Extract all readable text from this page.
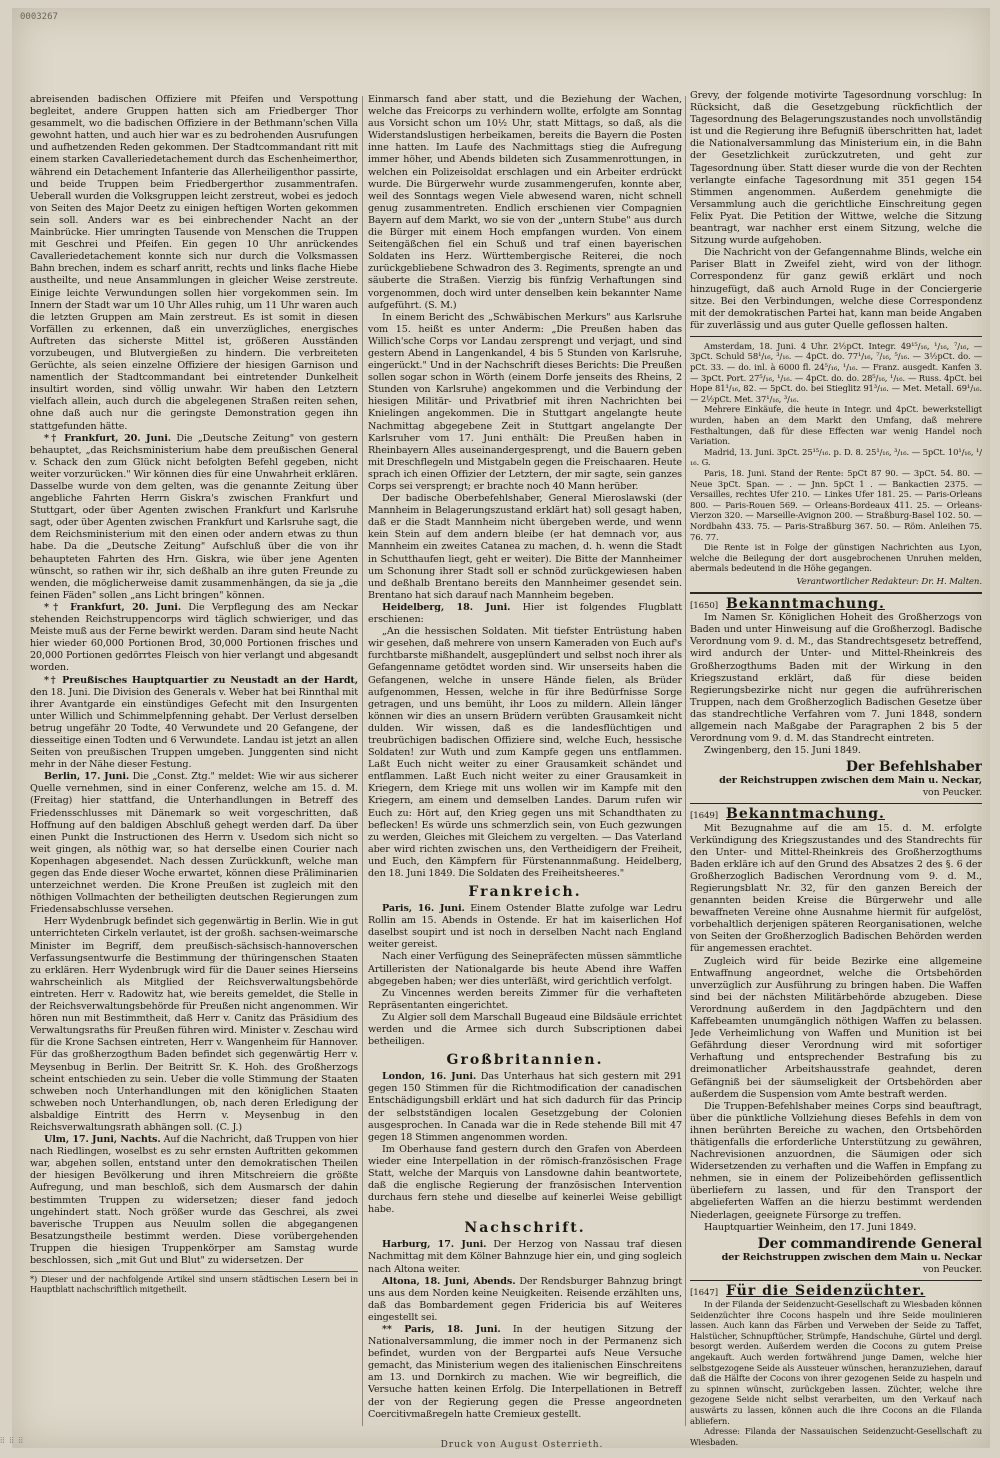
0003267

abreisenden badischen Offiziere mit Pfeifen und Verspottung begleitet, andere Gruppen hatten sich am Friedberger Thor gesammelt, wo die badischen Offiziere in der Bethmann'schen Villa gewohnt hatten, und auch hier war es zu bedrohenden Ausrufungen und aufhetzenden Reden gekommen. Der Stadtcommandant ritt mit einem starken Cavalleriedetachement durch das Eschenheimerthor, während ein Detachement Infanterie das Allerheiligenthor passirte, und beide Truppen beim Friedbergerthor zusammentrafen. Ueberall wurden die Volksgruppen leicht zerstreut, wobei es jedoch von Seiten des Major Deetz zu einigen heftigen Worten gekommen sein soll. Anders war es bei einbrechender Nacht an der Mainbrücke. Hier umringten Tausende von Menschen die Truppen mit Geschrei und Pfeifen. Ein gegen 10 Uhr anrückendes Cavalleriedetachement konnte sich nur durch die Volksmassen Bahn brechen, indem es scharf anritt, rechts und links flache Hiebe austheilte, und neue Ansammlungen in gleicher Weise zerstreute. Einige leichte Verwundungen sollen hier vorgekommen sein. Im Innern der Stadt war um 10 Uhr Alles ruhig, um 11 Uhr waren auch die letzten Gruppen am Main zerstreut. Es ist somit in diesen Vorfällen zu erkennen, daß ein unverzügliches, energisches Auftreten das sicherste Mittel ist, größeren Ausständen vorzubeugen, und Blutvergießen zu hindern. Die verbreiteten Gerüchte, als seien einzelne Offiziere der hiesigen Garnison und namentlich der Stadtcommandant bei eintretender Dunkelheit insultirt worden, sind völlig unwahr. Wir haben den Letztern vielfach allein, auch durch die abgelegenen Straßen reiten sehen, ohne daß auch nur die geringste Demonstration gegen ihn stattgefunden hätte.

*† Frankfurt, 20. Juni. Die „Deutsche Zeitung" von gestern behauptet, „das Reichsministerium habe dem preußischen General v. Schack den zum Glück nicht befolgten Befehl gegeben, nicht weiter vorzurücken." Wir können dies für eine Unwahrheit erklären. Dasselbe wurde von dem gelten, was die genannte Zeitung über angebliche Fahrten Herrn Giskra's zwischen Frankfurt und Stuttgart, oder über Agenten zwischen Frankfurt und Karlsruhe sagt, oder über Agenten zwischen Frankfurt und Karlsruhe sagt, die dem Reichsministerium mit den einen oder andern etwas zu thun habe. Da die „Deutsche Zeitung" Aufschluß über die von ihr behaupteten Fahrten des Hrn. Giskra, wie über jene Agenten wünscht, so rathen wir ihr, sich deßhalb an ihre guten Freunde zu wenden, die möglicherweise damit zusammenhängen, da sie ja „die feinen Fäden" sollen „ans Licht bringen" können.

*† Frankfurt, 20. Juni. Die Verpflegung des am Neckar stehenden Reichstruppencorps wird täglich schwieriger, und das Meiste muß aus der Ferne bewirkt werden. Daram sind heute Nacht hier wieder 60,000 Portionen Brod, 30,000 Portionen frisches und 20,000 Portionen gedörrtes Fleisch von hier verlangt und abgesandt worden.

*† Preußisches Hauptquartier zu Neustadt an der Hardt, den 18. Juni. Die Division des Generals v. Weber hat bei Rinnthal mit ihrer Avantgarde ein einstündiges Gefecht mit den Insurgenten unter Willich und Schimmelpfenning gehabt. Der Verlust derselben betrug ungefähr 20 Todte, 40 Verwundete und 20 Gefangene, der diesseitige einen Todten und 6 Verwundete. Landau ist jetzt an allen Seiten von preußischen Truppen umgeben. Junggenten sind nicht mehr in der Nähe dieser Festung.

Berlin, 17. Juni. Die „Const. Ztg." meldet: Wie wir aus sicherer Quelle vernehmen, sind in einer Conferenz, welche am 15. d. M. (Freitag) hier stattfand, die Unterhandlungen in Betreff des Friedensschlusses mit Dänemark so weit vorgeschritten, daß Hoffnung auf den baldigen Abschluß gehegt werden darf. Da über einen Punkt die Instructionen des Herrn v. Usedom sich nicht so weit gingen, als nöthig war, so hat derselbe einen Courier nach Kopenhagen abgesendet. Nach dessen Zurückkunft, welche man gegen das Ende dieser Woche erwartet, können diese Präliminarien unterzeichnet werden. Die Krone Preußen ist zugleich mit den nöthigen Vollmachten der betheiligten deutschen Regierungen zum Friedensabschlusse versehen.

Herr Wydenbrugk befindet sich gegenwärtig in Berlin. Wie in gut unterrichteten Cirkeln verlautet, ist der großh. sachsen-weimarsche Minister im Begriff, dem preußisch-sächsisch-hannoverschen Verfassungsentwurfe die Bestimmung der thüringenschen Staaten zu erklären. Herr Wydenbrugk wird für die Dauer seines Hierseins wahrscheinlich als Mitglied der Reichsverwaltungsbehörde eintreten. Herr v. Radowitz hat, wie bereits gemeldet, die Stelle in der Reichsverwaltungsbehörde für Preußen nicht angenommen. Wir hören nun mit Bestimmtheit, daß Herr v. Canitz das Präsidium des Verwaltungsraths für Preußen führen wird. Minister v. Zeschau wird für die Krone Sachsen eintreten, Herr v. Wangenheim für Hannover. Für das großherzogthum Baden befindet sich gegenwärtig Herr v. Meysenbug in Berlin. Der Beitritt Sr. K. Hoh. des Großherzogs scheint entschieden zu sein. Ueber die volle Stimmung der Staaten schweben noch Unterhandlungen mit den königlichen Staaten schweben noch Unterhandlungen, ob, nach deren Erledigung der alsbaldige Eintritt des Herrn v. Meysenbug in den Reichsverwaltungsrath abhängen soll. (C. J.)

Ulm, 17. Juni, Nachts. Auf die Nachricht, daß Truppen von hier nach Riedlingen, woselbst es zu sehr ernsten Auftritten gekommen war, abgehen sollen, entstand unter den demokratischen Theilen der hiesigen Bevölkerung und ihren Mitschreiern die größte Aufregung, und man beschloß, sich dem Ausmarsch der dahin bestimmten Truppen zu widersetzen; dieser fand jedoch ungehindert statt. Noch größer wurde das Geschrei, als zwei baverische Truppen aus Neuulm sollen die abgegangenen Besatzungstheile bestimmt werden. Diese vorübergehenden Truppen die hiesigen Truppenkörper am Samstag wurde beschlossen, sich „mit Gut und Blut" zu widersetzen. Der

*) Dieser und der nachfolgende Artikel sind unsern städtischen Lesern bei in Hauptblatt nachschriftlich mitgetheilt.

Einmarsch fand aber statt, und die Beziehung der Wachen, welche das Freicorps zu verhindern wollte, erfolgte am Sonntag aus Vorsicht schon um 10½ Uhr, statt Mittags, so daß, als die Widerstandslustigen herbeikamen, bereits die Bayern die Posten inne hatten. Im Laufe des Nachmittags stieg die Aufregung immer höher, und Abends bildeten sich Zusammenrottungen, in welchen ein Polizeisoldat erschlagen und ein Arbeiter erdrückt wurde. Die Bürgerwehr wurde zusammengerufen, konnte aber, weil des Sonntags wegen Viele abwesend waren, nicht schnell genug zusammentreten. Endlich erschienen vier Compagnien Bayern auf dem Markt, wo sie von der „untern Stube" aus durch die Bürger mit einem Hoch empfangen wurden. Von einem Seitengäßchen fiel ein Schuß und traf einen bayerischen Soldaten ins Herz. Württembergische Reiterei, die noch zurückgebliebene Schwadron des 3. Regiments, sprengte an und säuberte die Straßen. Vierzig bis fünfzig Verhaftungen sind vorgenommen, doch wird unter denselben kein bekannter Name aufgeführt. (S. M.)

In einem Bericht des „Schwäbischen Merkurs" aus Karlsruhe vom 15. heißt es unter Anderm: „Die Preußen haben das Willich'sche Corps vor Landau zersprengt und verjagt, und sind gestern Abend in Langenkandel, 4 bis 5 Stunden von Karlsruhe, eingerückt." Und in der Nachschrift dieses Berichts: Die Preußen sollen sogar schon in Wörth (einem Dorfe jenseits des Rheins, 2 Stunden von Karlsruhe) angekommen und die Verbindung der hiesigen Militär- und Privatbrief mit ihren Nachrichten bei Knielingen angekommen. Die in Stuttgart angelangte heute Nachmittag abgegebene Zeit in Stuttgart angelangte Der Karlsruher vom 17. Juni enthält: Die Preußen haben in Rheinbayern Alles auseinandergesprengt, und die Bauern geben mit Dreschflegeln und Mistgabeln gegen die Freischaaren. Heute sprach ich einen Offizier der Letztern, der mir sagte, sein ganzes Corps sei versprengt; er brachte noch 40 Mann herüber.

Der badische Oberbefehlshaber, General Mieroslawski (der Mannheim in Belagerungszustand erklärt hat) soll gesagt haben, daß er die Stadt Mannheim nicht übergeben werde, und wenn kein Stein auf dem andern bleibe (er hat demnach vor, aus Mannheim ein zweites Catanea zu machen, d. h. wenn die Stadt in Schutthaufen liegt, geht er weiter). Die Bitte der Mannheimer um Schonung ihrer Stadt soll er schnöd zurückgewiesen haben und deßhalb Brentano bereits den Mannheimer gesendet sein. Brentano hat sich darauf nach Mannheim begeben.

Heidelberg, 18. Juni. Hier ist folgendes Flugblatt erschienen:

„An die hessischen Soldaten. Mit tiefster Entrüstung haben wir gesehen, daß mehrere von unsern Kameraden von Euch auf's furchtbarste mißhandelt, ausgeplündert und selbst noch ihrer als Gefangenname getödtet worden sind. Wir unserseits haben die Gefangenen, welche in unsere Hände fielen, als Brüder aufgenommen, Hessen, welche in für ihre Bedürfnisse Sorge getragen, und uns bemüht, ihr Loos zu mildern. Allein länger können wir dies an unsern Brüdern verübten Grausamkeit nicht dulden. Wir wissen, daß es die landesflüchtigen und treubrüchigen badischen Offiziere sind, welche Euch, hessische Soldaten! zur Wuth und zum Kampfe gegen uns entflammen. Laßt Euch nicht weiter zu einer Grausamkeit schändet und entflammen. Laßt Euch nicht weiter zu einer Grausamkeit in Kriegern, dem Kriege mit uns wollen wir im Kampfe mit den Kriegern, am einem und demselben Landes. Darum rufen wir Euch zu: Hört auf, den Krieg gegen uns mit Schandthaten zu beflecken! Es würde uns schmerzlich sein, von Euch gezwungen zu werden, Gleiches mit Gleichem zu vergelten. — Das Vaterland aber wird richten zwischen uns, den Vertheidigern der Freiheit, und Euch, den Kämpfern für Fürstenannmaßung. Heidelberg, den 18. Juni 1849. Die Soldaten des Freiheitsheeres."

Frankreich.

Paris, 16. Juni. Einem Ostender Blatte zufolge war Ledru Rollin am 15. Abends in Ostende. Er hat im kaiserlichen Hof daselbst soupirt und ist noch in derselben Nacht nach England weiter gereist.

Nach einer Verfügung des Seinepräfecten müssen sämmtliche Artilleristen der Nationalgarde bis heute Abend ihre Waffen abgegeben haben; wer dies unterläßt, wird gerichtlich verfolgt.

Zu Vincennes werden bereits Zimmer für die verhafteten Repräsentanten eingerichtet.

Zu Algier soll dem Marschall Bugeaud eine Bildsäule errichtet werden und die Armee sich durch Subscriptionen dabei betheiligen.

Großbritannien.

London, 16. Juni. Das Unterhaus hat sich gestern mit 291 gegen 150 Stimmen für die Richtmodification der canadischen Entschädigungsbill erklärt und hat sich dadurch für das Princip der selbstständigen localen Gesetzgebung der Colonien ausgesprochen. In Canada war die in Rede stehende Bill mit 47 gegen 18 Stimmen angenommen worden.

Im Oberhause fand gestern durch den Grafen von Aberdeen wieder eine Interpellation in der römisch-französischen Frage Statt, welche der Marquis von Lansdowne dahin beantwortete, daß die englische Regierung der französischen Intervention durchaus fern stehe und dieselbe auf keinerlei Weise gebilligt habe.

Nachschrift.

Harburg, 17. Juni. Der Herzog von Nassau traf diesen Nachmittag mit dem Kölner Bahnzuge hier ein, und ging sogleich nach Altona weiter.

Altona, 18. Juni, Abends. Der Rendsburger Bahnzug bringt uns aus dem Norden keine Neuigkeiten. Reisende erzählten uns, daß das Bombardement gegen Fridericia bis auf Weiteres eingestellt sei.

** Paris, 18. Juni. In der heutigen Sitzung der Nationalversammlung, die immer noch in der Permanenz sich befindet, wurden von der Bergpartei aufs Neue Versuche gemacht, das Ministerium wegen des italienischen Einschreitens am 13. und Dornkirch zu machen. Wie wir begreiflich, die Versuche hatten keinen Erfolg. Die Interpellationen in Betreff der von der Regierung gegen die Presse angeordneten Coercitivmaßregeln hatte Cremieux gestellt.

Grevy, der folgende motivirte Tagesordnung vorschlug: In Rücksicht, daß die Gesetzgebung rückfichtlich der Tagesordnung des Belagerungszustandes noch unvollständig ist und die Regierung ihre Befugniß überschritten hat, ladet die Nationalversammlung das Ministerium ein, in die Bahn der Gesetzlichkeit zurückzutreten, und geht zur Tagesordnung über. Statt dieser wurde die von der Rechten verlangte einfache Tagesordnung mit 351 gegen 154 Stimmen angenommen. Außerdem genehmigte die Versammlung auch die gerichtliche Einschreitung gegen Felix Pyat. Die Petition der Wittwe, welche die Sitzung beantragt, war nachher erst einem Sitzung, welche die Sitzung wurde aufgehoben.

Die Nachricht von der Gefangennahme Blinds, welche ein Pariser Blatt in Zweifel zieht, wird von der lithogr. Correspondenz für ganz gewiß erklärt und noch hinzugefügt, daß auch Arnold Ruge in der Conciergerie sitze. Bei den Verbindungen, welche diese Correspondenz mit der demokratischen Partei hat, kann man beide Angaben für zuverlässig und aus guter Quelle geflossen halten.

Amsterdam, 18. Juni. 4 Uhr. 2½pCt. Integr. 49¹⁵/₁₆, ¹/₁₆, ⁷/₁₆, — 3pCt. Schuld 58¹/₁₆, ³/₁₆. — 4pCt. do. 77¹/₁₆, ⁷/₁₆, ⁵/₁₆. — 3½pCt. do. — pCt. 33. — do. inl. à 6000 fl. 24⁵/₁₆, ¹/₁₆. — Franz. ausgedt. Kanfen 3. — 3pCt. Port. 27⁵/₁₆, ¹/₁₆. — 4pCt. do. do. 28⁵/₁₆, ¹/₁₆. — Russ. 4pCt. bei Hope 81¹/₁₆, 82. — 5pCt. do. bei Stieglitz 91³/₁₆. — Met. Metall. 69¹/₁₆. — 2½pCt. Met. 37¹/₁₆, ³/₁₆.

Mehrere Einkäufe, die heute in Integr. und 4pCt. bewerkstelligt wurden, haben an dem Markt den Umfang, daß mehrere Festhaltungen, daß für diese Effecten war wenig Handel noch Variation.

Madrid, 13. Juni. 3pCt. 25¹⁵/₁₆. p. D. 8. 25¹/₁₆, ³/₁₆. — 5pCt. 10¹/₁₆, ¹/₁₆. G.

Paris, 18. Juni. Stand der Rente: 5pCt 87 90. — 3pCt. 54. 80. — Neue 3pCt. Span. — . — Jnn. 5pCt 1 . — Bankactien 2375. — Versailles, rechtes Ufer 210. — Linkes Ufer 181. 25. — Paris-Orleans 800. — Paris-Rouen 569. — Orleans-Bordeaux 411. 25. — Orleans-Vierzon 320. — Marseille-Avignon 200. — Straßburg-Basel 102. 50. — Nordbahn 433. 75. — Paris-Straßburg 367. 50. — Röm. Anleihen 75. 76. 77.

Die Rente ist in Folge der günstigen Nachrichten aus Lyon, welche die Beilegung der dort ausgebrochenen Unruhen melden, abermals bedeutend in die Höhe gegangen.

Verantwortlicher Redakteur: Dr. H. Malten.
[1650] Bekanntmachung.

Im Namen Sr. Königlichen Hoheit des Großherzogs von Baden und unter Hinweisung auf die Großherzogl. Badische Verordnung vom 9. d. M., das Standrechtsgesetz betreffend, wird andurch der Unter- und Mittel-Rheinkreis des Großherzogthums Baden mit der Wirkung in den Kriegszustand erklärt, daß für diese beiden Regierungsbezirke nicht nur gegen die aufrührerischen Truppen, nach dem Großherzoglich Badischen Gesetze über das standrechtliche Verfahren vom 7. Juni 1848, sondern allgemein nach Maßgabe der Paragraphen 2 bis 5 der Verordnung vom 9. d. M. das Standrecht eintreten.

Zwingenberg, den 15. Juni 1849.

Der Befehlshaber
der Reichstruppen zwischen dem Main u. Neckar,
von Peucker.
[1649] Bekanntmachung.

Mit Bezugnahme auf die am 15. d. M. erfolgte Verkündigung des Kriegszustandes und des Standrechts für den Unter- und Mittel-Rheinkreis des Großherzogthums Baden erkläre ich auf den Grund des Absatzes 2 des §. 6 der Großherzoglich Badischen Verordnung vom 9. d. M., Regierungsblatt Nr. 32, für den ganzen Bereich der genannten beiden Kreise die Bürgerwehr und alle bewaffneten Vereine ohne Ausnahme hiermit für aufgelöst, vorbehaltlich derjenigen späteren Reorganisationen, welche von Seiten der Großherzoglich Badischen Behörden werden für angemessen erachtet.

Zugleich wird für beide Bezirke eine allgemeine Entwaffnung angeordnet, welche die Ortsbehörden unverzüglich zur Ausführung zu bringen haben. Die Waffen sind bei der nächsten Militärbehörde abzugeben. Diese Verordnung außerdem in den Jagdpächtern und den Kaffebeamten unumgänglich nöthigen Waffen zu belassen. Jede Verheimlichung von Waffen und Munition ist bei Gefährdung dieser Verordnung wird mit sofortiger Verhaftung und entsprechender Bestrafung bis zu dreimonatlicher Arbeitshausstrafe geahndet, deren Gefängniß bei der säumseligkeit der Ortsbehörden aber außerdem die Suspension vom Amte bestraft werden.

Die Truppen-Befehlshaber meines Corps sind beauftragt, über die pünktliche Vollziehung dieses Befehls in dem von ihnen berührten Bereiche zu wachen, den Ortsbehörden thätigenfalls die erforderliche Unterstützung zu gewähren, Nachrevisionen anzuordnen, die Säumigen oder sich Widersetzenden zu verhaften und die Waffen in Empfang zu nehmen, sie in einem der Polizeibehörden geflissentlich überliefern zu lassen, und für den Transport der abgelieferten Waffen an die hierzu bestimmt werdenden Niederlagen, geeignete Fürsorge zu treffen.

Hauptquartier Weinheim, den 17. Juni 1849.

Der commandirende General
der Reichstruppen zwischen dem Main u. Neckar
von Peucker.
[1647] Für die Seidenzüchter.

In der Filanda der Seidenzucht-Gesellschaft zu Wiesbaden können Seidenzüchter ihre Cocons haspeln und ihre Seide moulinieren lassen. Auch kann das Färben und Verweben der Seide zu Taffet, Halstücher, Schnupftücher, Strümpfe, Handschuhe, Gürtel und dergl. besorgt werden. Außerdem werden die Cocons zu gutem Preise angekauft. Auch werden fortwährend junge Damen, welche hier selbstgezogene Seide als Aussteuer wünschen, heranzuziehen, darauf daß die Hälfte der Cocons von ihrer gezogenen Seide zu haspeln und zu spinnen wünscht, zurückgeben lassen. Züchter, welche ihre gezogene Seide nicht selbst verarbeiten, um den Verkauf nach auswärts zu lassen, können auch die ihre Cocons an die Filanda abliefern.

Adresse: Filanda der Nassauischen Seidenzucht-Gesellschaft zu Wiesbaden.

Druck von August Osterrieth.
⁞⁞ ⁞⁞ ⁞⁞
